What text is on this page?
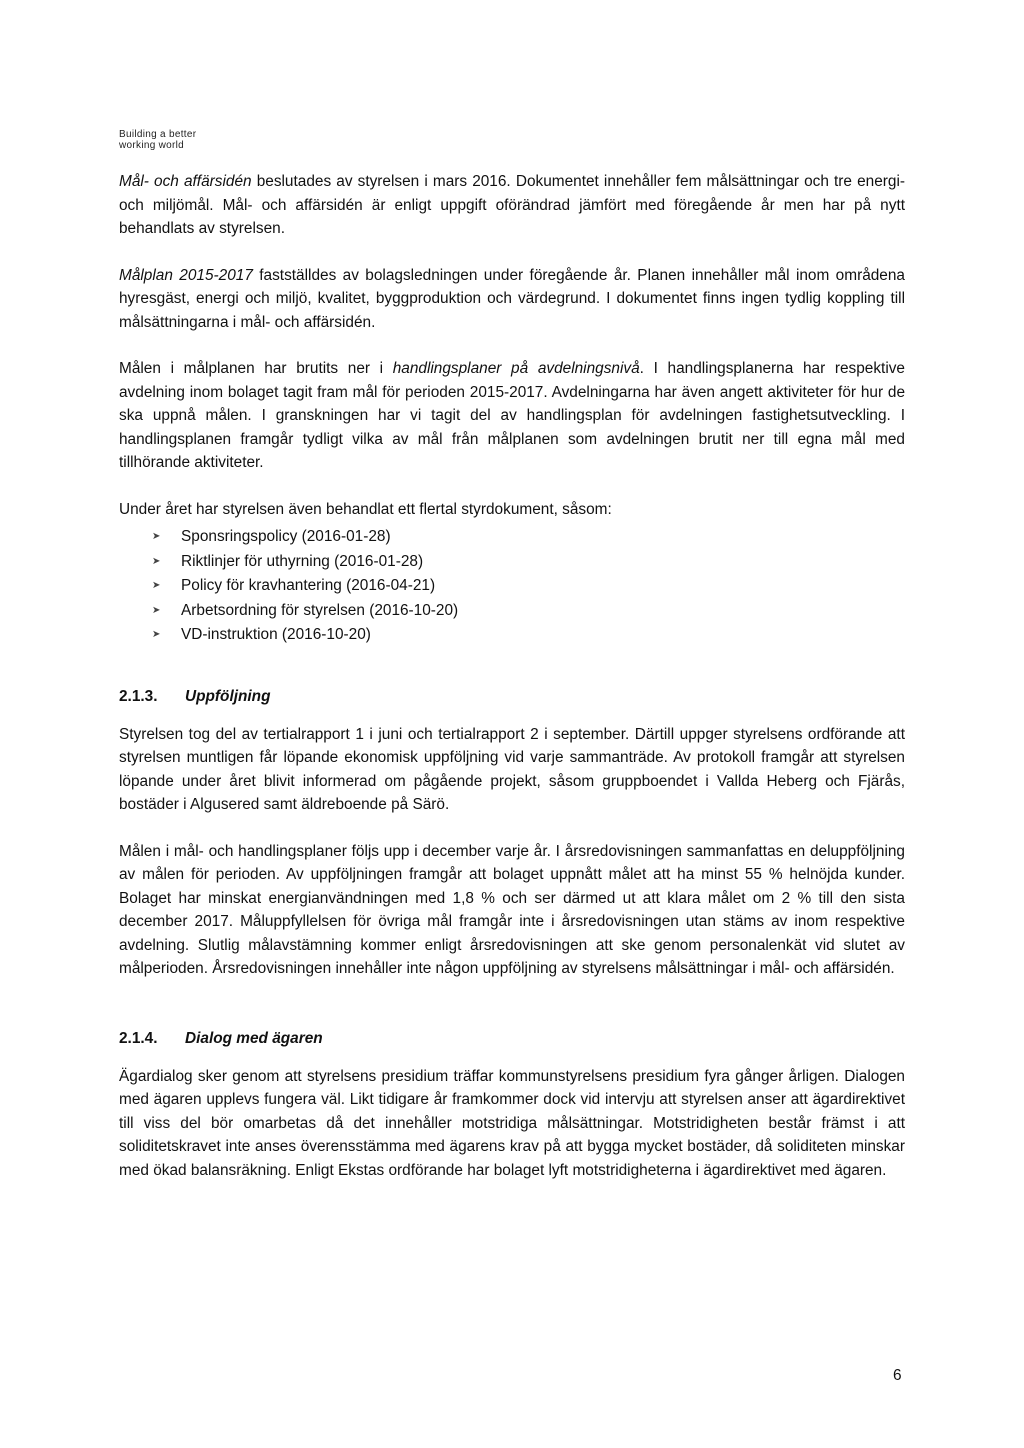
Building a better
working world

Mål- och affärsidén beslutades av styrelsen i mars 2016. Dokumentet innehåller fem målsättningar och tre energi- och miljömål. Mål- och affärsidén är enligt uppgift oförändrad jämfört med föregående år men har på nytt behandlats av styrelsen.

Målplan 2015-2017 fastställdes av bolagsledningen under föregående år. Planen innehåller mål inom områdena hyresgäst, energi och miljö, kvalitet, byggproduktion och värdegrund. I dokumentet finns ingen tydlig koppling till målsättningarna i mål- och affärsidén.

Målen i målplanen har brutits ner i handlingsplaner på avdelningsnivå. I handlingsplanerna har respektive avdelning inom bolaget tagit fram mål för perioden 2015-2017. Avdelningarna har även angett aktiviteter för hur de ska uppnå målen. I granskningen har vi tagit del av handlingsplan för avdelningen fastighetsutveckling. I handlingsplanen framgår tydligt vilka av mål från målplanen som avdelningen brutit ner till egna mål med tillhörande aktiviteter.

Under året har styrelsen även behandlat ett flertal styrdokument, såsom:

➤ Sponsringspolicy (2016-01-28)
➤ Riktlinjer för uthyrning (2016-01-28)
➤ Policy för kravhantering (2016-04-21)
➤ Arbetsordning för styrelsen (2016-10-20)
➤ VD-instruktion (2016-10-20)
2.1.3. Uppföljning

Styrelsen tog del av tertialrapport 1 i juni och tertialrapport 2 i september. Därtill uppger styrelsens ordförande att styrelsen muntligen får löpande ekonomisk uppföljning vid varje sammanträde. Av protokoll framgår att styrelsen löpande under året blivit informerad om pågående projekt, såsom gruppboendet i Vallda Heberg och Fjärås, bostäder i Algusered samt äldreboende på Särö.

Målen i mål- och handlingsplaner följs upp i december varje år. I årsredovisningen sammanfattas en deluppföljning av målen för perioden. Av uppföljningen framgår att bolaget uppnått målet att ha minst 55 % helnöjda kunder. Bolaget har minskat energianvändningen med 1,8 % och ser därmed ut att klara målet om 2 % till den sista december 2017. Måluppfyllelsen för övriga mål framgår inte i årsredovisningen utan stäms av inom respektive avdelning. Slutlig målavstämning kommer enligt årsredovisningen att ske genom personalenkät vid slutet av målperioden. Årsredovisningen innehåller inte någon uppföljning av styrelsens målsättningar i mål- och affärsidén.

2.1.4. Dialog med ägaren

Ägardialog sker genom att styrelsens presidium träffar kommunstyrelsens presidium fyra gånger årligen. Dialogen med ägaren upplevs fungera väl. Likt tidigare år framkommer dock vid intervju att styrelsen anser att ägardirektivet till viss del bör omarbetas då det innehåller motstridiga målsättningar. Motstridigheten består främst i att soliditetskravet inte anses överensstämma med ägarens krav på att bygga mycket bostäder, då soliditeten minskar med ökad balansräkning. Enligt Ekstas ordförande har bolaget lyft motstridigheterna i ägardirektivet med ägaren.

6
